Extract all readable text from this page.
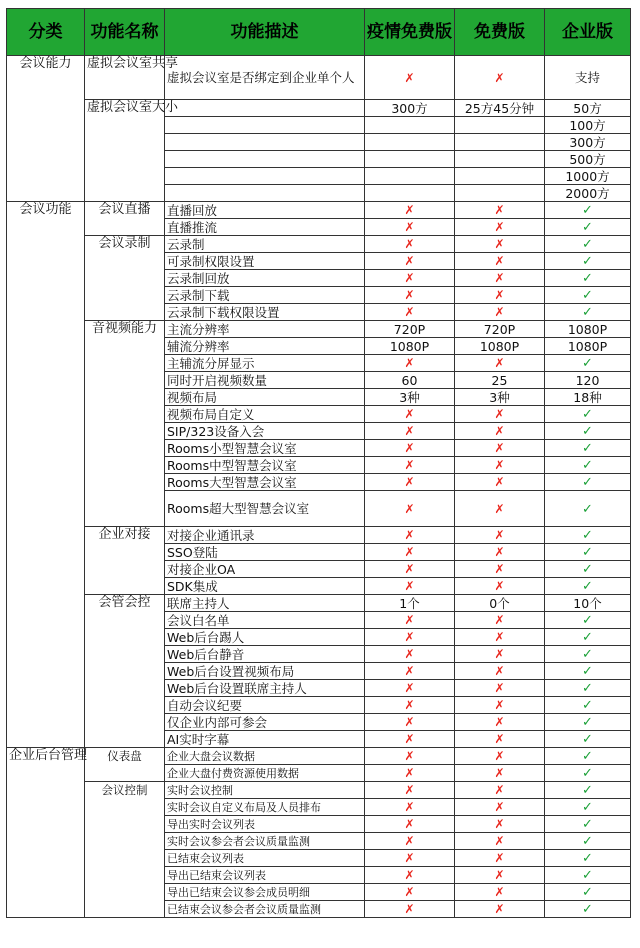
分类	功能名称	功能描述	疫情免费版	免费版	企业版
会议能力	虚拟会议室共享	虚拟会议室是否绑定到企业单个人	✗	✗	支持
	虚拟会议室大小		300方	25方45分钟	50方
					100方
					300方
					500方
					1000方
					2000方
会议功能	会议直播	直播回放	✗	✗	✓
		直播推流	✗	✗	✓
	会议录制	云录制	✗	✗	✓
		可录制权限设置	✗	✗	✓
		云录制回放	✗	✗	✓
		云录制下载	✗	✗	✓
		云录制下载权限设置	✗	✗	✓
	音视频能力	主流分辨率	720P	720P	1080P
		辅流分辨率	1080P	1080P	1080P
		主辅流分屏显示	✗	✗	✓
		同时开启视频数量	60	25	120
		视频布局	3种	3种	18种
		视频布局自定义	✗	✗	✓
		SIP/323设备入会	✗	✗	✓
		Rooms小型智慧会议室	✗	✗	✓
		Rooms中型智慧会议室	✗	✗	✓
		Rooms大型智慧会议室	✗	✗	✓
		Rooms超大型智慧会议室	✗	✗	✓
	企业对接	对接企业通讯录	✗	✗	✓
		SSO登陆	✗	✗	✓
		对接企业OA	✗	✗	✓
		SDK集成	✗	✗	✓
	会管会控	联席主持人	1个	0个	10个
		会议白名单	✗	✗	✓
		Web后台踢人	✗	✗	✓
		Web后台静音	✗	✗	✓
		Web后台设置视频布局	✗	✗	✓
		Web后台设置联席主持人	✗	✗	✓
		自动会议纪要	✗	✗	✓
		仅企业内部可参会	✗	✗	✓
		AI实时字幕	✗	✗	✓
企业后台管理	仪表盘	企业大盘会议数据	✗	✗	✓
		企业大盘付费资源使用数据	✗	✗	✓
	会议控制	实时会议控制	✗	✗	✓
		实时会议自定义布局及人员排布	✗	✗	✓
		导出实时会议列表	✗	✗	✓
		实时会议参会者会议质量监测	✗	✗	✓
		已结束会议列表	✗	✗	✓
		导出已结束会议列表	✗	✗	✓
		导出已结束会议参会成员明细	✗	✗	✓
		已结束会议参会者会议质量监测	✗	✗	✓
